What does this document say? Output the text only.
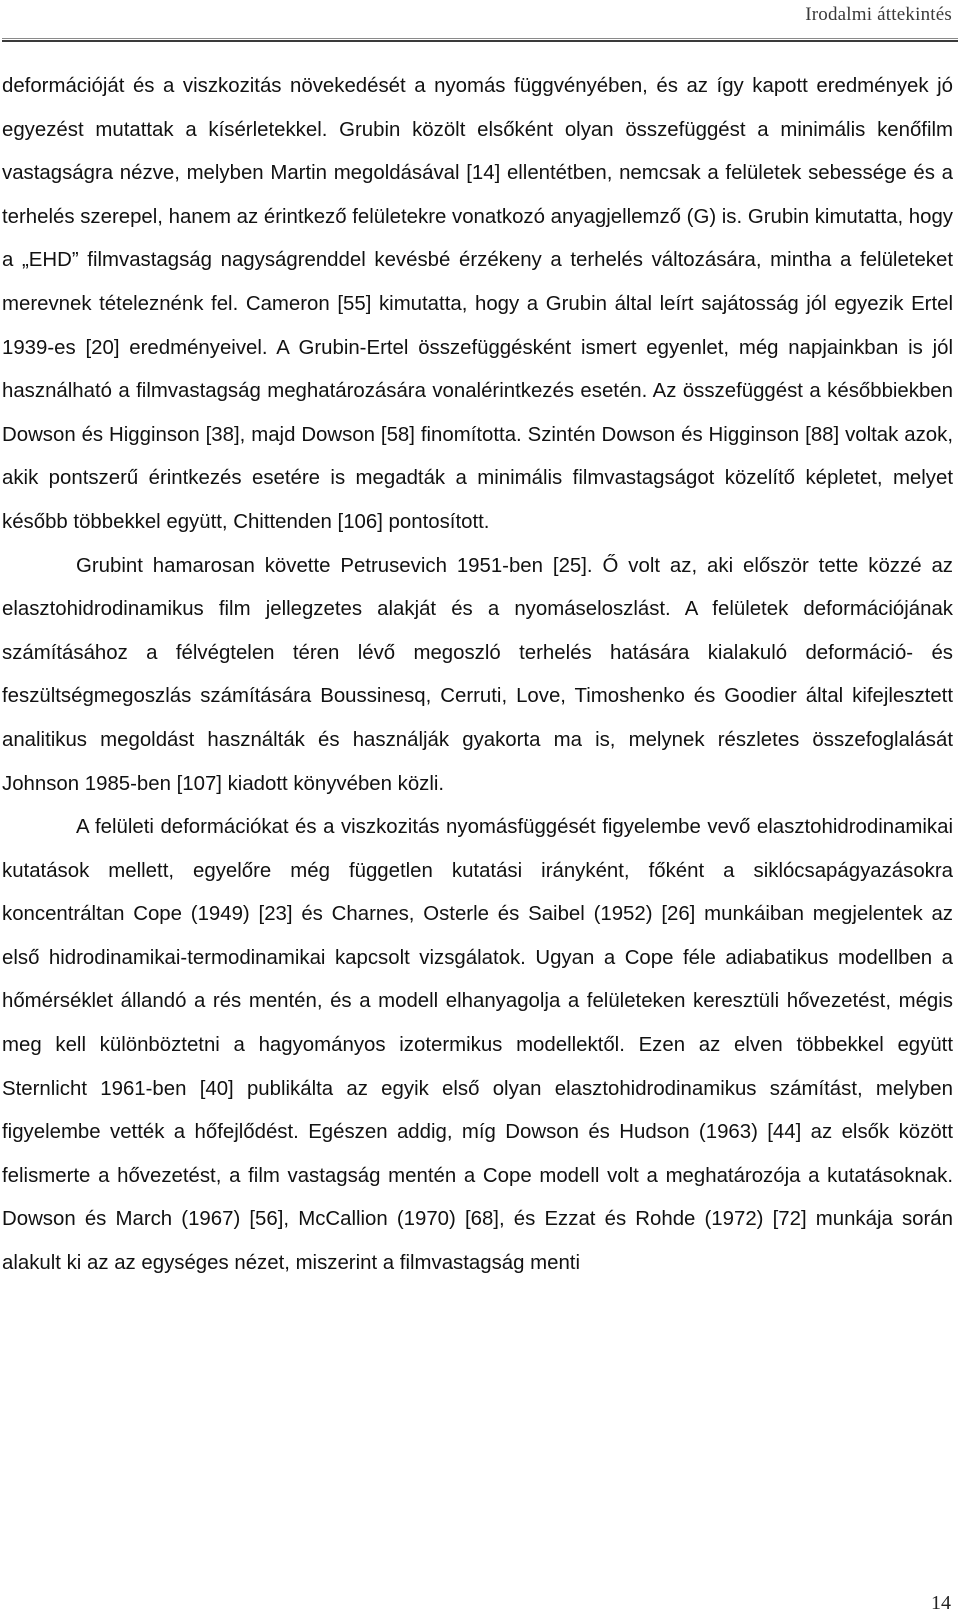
Irodalmi áttekintés

deformációját és a viszkozitás növekedését a nyomás függvényében, és az így kapott eredmények jó egyezést mutattak a kísérletekkel. Grubin közölt elsőként olyan összefüggést a minimális kenőfilm vastagságra nézve, melyben Martin megoldásával [14] ellentétben, nemcsak a felületek sebessége és a terhelés szerepel, hanem az érintkező felületekre vonatkozó anyagjellemző (G) is. Grubin kimutatta, hogy a „EHD” filmvastagság nagyságrenddel kevésbé érzékeny a terhelés változására, mintha a felületeket merevnek tételeznénk fel. Cameron [55] kimutatta, hogy a Grubin által leírt sajátosság jól egyezik Ertel 1939-es [20] eredményeivel. A Grubin-Ertel összefüggésként ismert egyenlet, még napjainkban is jól használható a filmvastagság meghatározására vonalérintkezés esetén. Az összefüggést a későbbiekben Dowson és Higginson [38], majd Dowson [58] finomította. Szintén Dowson és Higginson [88] voltak azok, akik pontszerű érintkezés esetére is megadták a minimális filmvastagságot közelítő képletet, melyet később többekkel együtt, Chittenden [106] pontosított.

Grubint hamarosan követte Petrusevich 1951-ben [25]. Ő volt az, aki először tette közzé az elasztohidrodinamikus film jellegzetes alakját és a nyomáseloszlást. A felületek deformációjának számításához a félvégtelen téren lévő megoszló terhelés hatására kialakuló deformáció- és feszültségmegoszlás számítására Boussinesq, Cerruti, Love, Timoshenko és Goodier által kifejlesztett analitikus megoldást használták és használják gyakorta ma is, melynek részletes összefoglalását Johnson 1985-ben [107] kiadott könyvében közli.

A felületi deformációkat és a viszkozitás nyomásfüggését figyelembe vevő elasztohidrodinamikai kutatások mellett, egyelőre még független kutatási irányként, főként a siklócsapágyazásokra koncentráltan Cope (1949) [23] és Charnes, Osterle és Saibel (1952) [26] munkáiban megjelentek az első hidrodinamikai-termodinamikai kapcsolt vizsgálatok. Ugyan a Cope féle adiabatikus modellben a hőmérséklet állandó a rés mentén, és a modell elhanyagolja a felületeken keresztüli hővezetést, mégis meg kell különböztetni a hagyományos izotermikus modellektől. Ezen az elven többekkel együtt Sternlicht 1961-ben [40] publikálta az egyik első olyan elasztohidrodinamikus számítást, melyben figyelembe vették a hőfejlődést. Egészen addig, míg Dowson és Hudson (1963) [44] az elsők között felismerte a hővezetést, a film vastagság mentén a Cope modell volt a meghatározója a kutatásoknak. Dowson és March (1967) [56], McCallion (1970) [68], és Ezzat és Rohde (1972) [72] munkája során alakult ki az az egységes nézet, miszerint a filmvastagság menti

14
